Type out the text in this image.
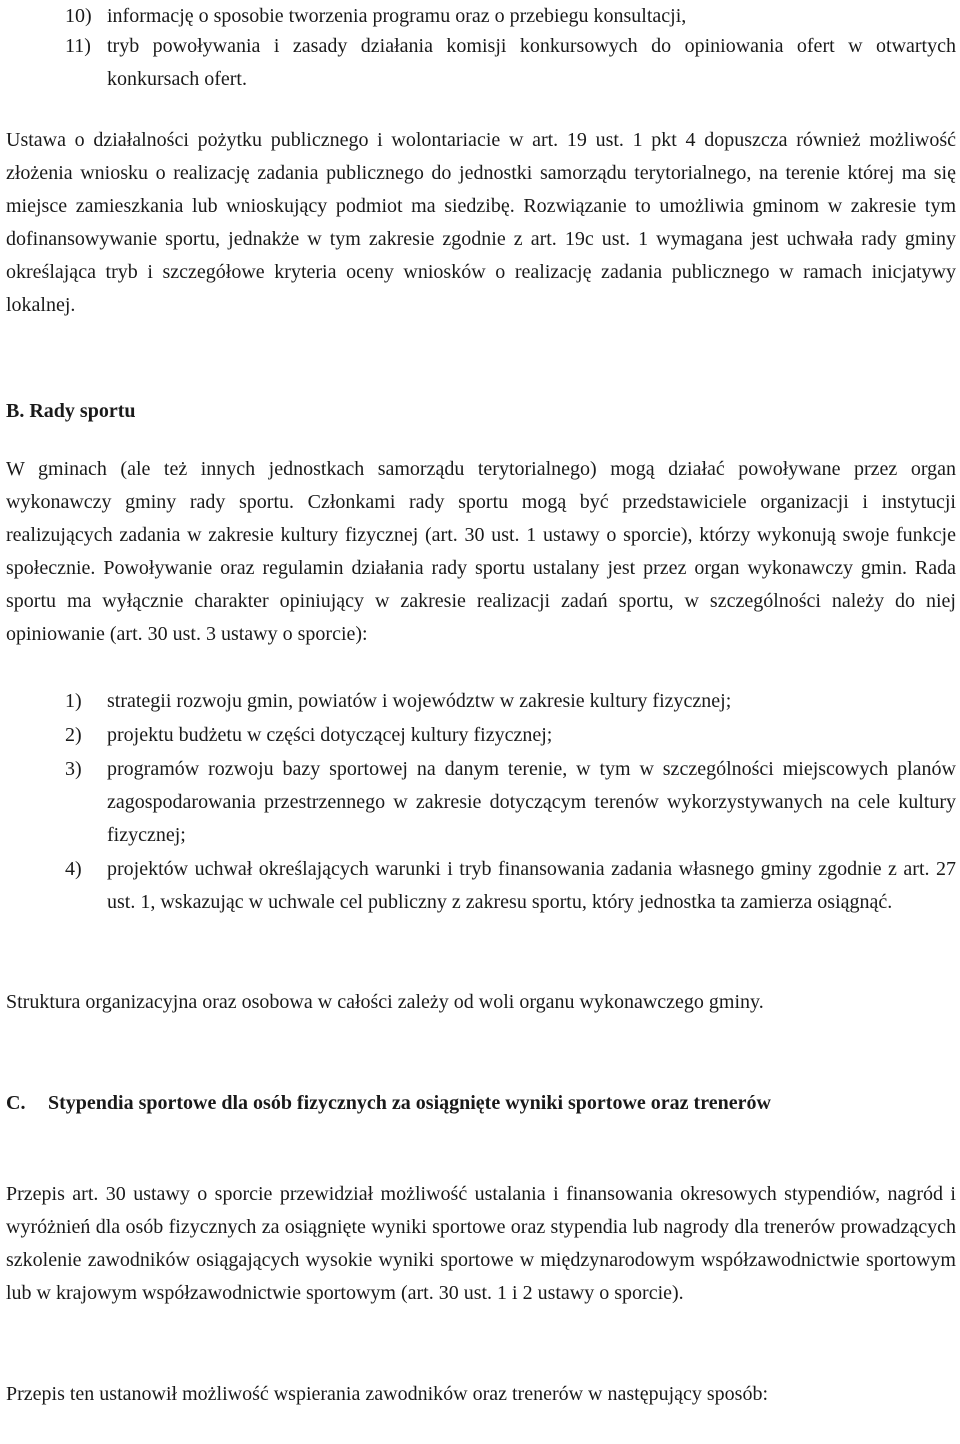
10) informację o sposobie tworzenia programu oraz o przebiegu konsultacji,
11) tryb powoływania i zasady działania komisji konkursowych do opiniowania ofert w otwartych konkursach ofert.
Ustawa o działalności pożytku publicznego i wolontariacie w art. 19 ust. 1 pkt 4 dopuszcza również możliwość złożenia wniosku o realizację zadania publicznego do jednostki samorządu terytorialnego, na terenie której ma się miejsce zamieszkania lub wnioskujący podmiot ma siedzibę. Rozwiązanie to umożliwia gminom w zakresie tym dofinansowywanie sportu, jednakże w tym zakresie zgodnie z art. 19c ust. 1 wymagana jest uchwała rady gminy określająca tryb i szczegółowe kryteria oceny wniosków o realizację zadania publicznego w ramach inicjatywy lokalnej.
B. Rady sportu
W gminach (ale też innych jednostkach samorządu terytorialnego) mogą działać powoływane przez organ wykonawczy gminy rady sportu. Członkami rady sportu mogą być przedstawiciele organizacji i instytucji realizujących zadania w zakresie kultury fizycznej (art. 30 ust. 1 ustawy o sporcie), którzy wykonują swoje funkcje społecznie. Powoływanie oraz regulamin działania rady sportu ustalany jest przez organ wykonawczy gmin. Rada sportu ma wyłącznie charakter opiniujący w zakresie realizacji zadań sportu, w szczególności należy do niej opiniowanie (art. 30 ust. 3 ustawy o sporcie):
1) strategii rozwoju gmin, powiatów i województw w zakresie kultury fizycznej;
2) projektu budżetu w części dotyczącej kultury fizycznej;
3) programów rozwoju bazy sportowej na danym terenie, w tym w szczególności miejscowych planów zagospodarowania przestrzennego w zakresie dotyczącym terenów wykorzystywanych na cele kultury fizycznej;
4) projektów uchwał określających warunki i tryb finansowania zadania własnego gminy zgodnie z art. 27 ust. 1, wskazując w uchwale cel publiczny z zakresu sportu, który jednostka ta zamierza osiągnąć.
Struktura organizacyjna oraz osobowa w całości zależy od woli organu wykonawczego gminy.
C. Stypendia sportowe dla osób fizycznych za osiągnięte wyniki sportowe oraz trenerów
Przepis art. 30 ustawy o sporcie przewidział możliwość ustalania i finansowania okresowych stypendiów, nagród i wyróżnień dla osób fizycznych za osiągnięte wyniki sportowe oraz stypendia lub nagrody dla trenerów prowadzących szkolenie zawodników osiągających wysokie wyniki sportowe w międzynarodowym współzawodnictwie sportowym lub w krajowym współzawodnictwie sportowym (art. 30 ust. 1 i 2 ustawy o sporcie).
Przepis ten ustanowił możliwość wspierania zawodników oraz trenerów w następujący sposób:
